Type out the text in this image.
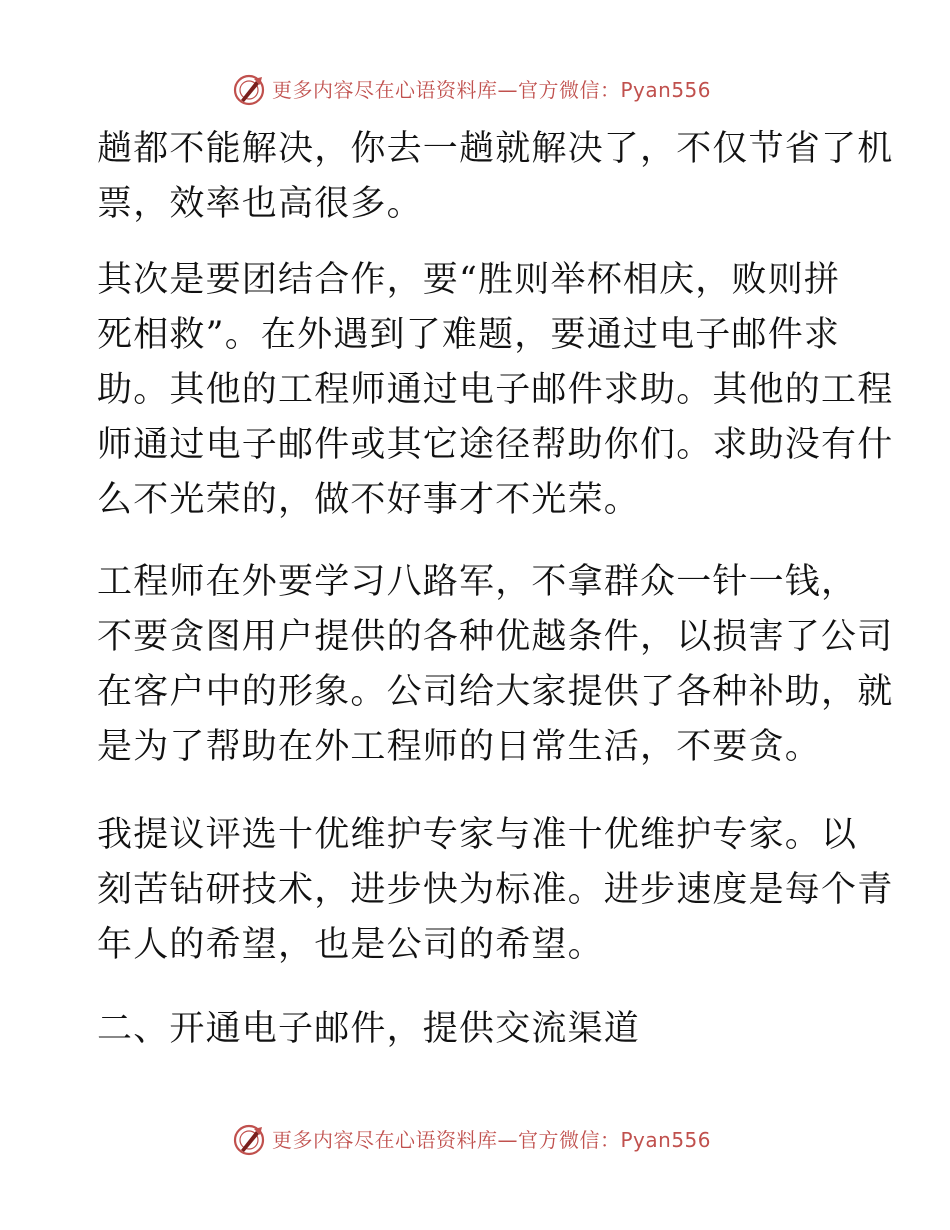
更多内容尽在心语资料库—官方微信：Pyan556

趟都不能解决，你去一趟就解决了，不仅节省了机
票，效率也高很多。

其次是要团结合作，要“胜则举杯相庆，败则拼
死相救”。在外遇到了难题，要通过电子邮件求
助。其他的工程师通过电子邮件求助。其他的工程
师通过电子邮件或其它途径帮助你们。求助没有什
么不光荣的，做不好事才不光荣。

工程师在外要学习八路军，不拿群众一针一钱，
不要贪图用户提供的各种优越条件，以损害了公司
在客户中的形象。公司给大家提供了各种补助，就
是为了帮助在外工程师的日常生活，不要贪。

我提议评选十优维护专家与准十优维护专家。以
刻苦钻研技术，进步快为标准。进步速度是每个青
年人的希望，也是公司的希望。

二、开通电子邮件，提供交流渠道

更多内容尽在心语资料库—官方微信：Pyan556
